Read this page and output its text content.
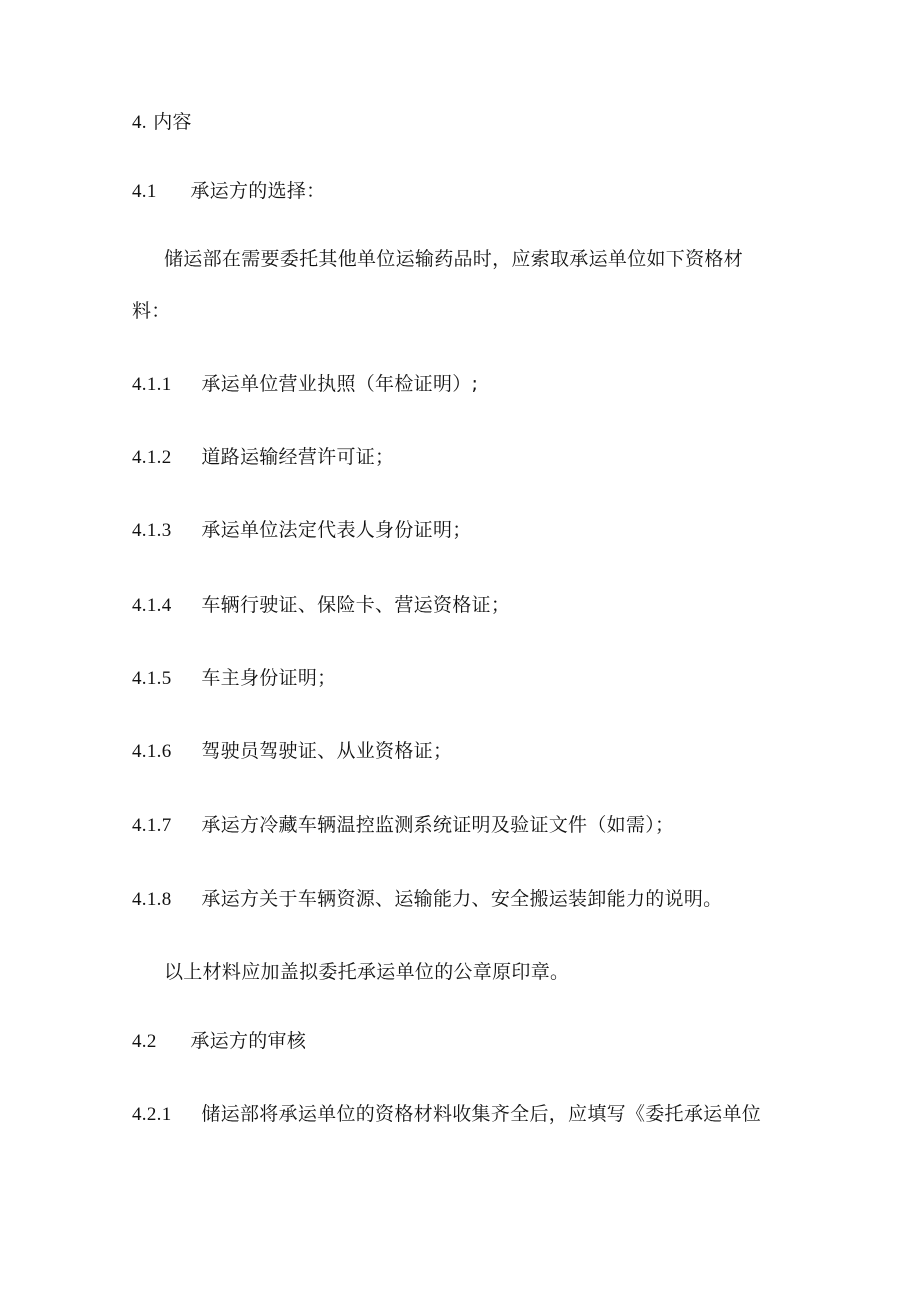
4. 内容
4.1 承运方的选择：
储运部在需要委托其他单位运输药品时，应索取承运单位如下资格材
料：
4.1.1 承运单位营业执照（年检证明）;
4.1.2 道路运输经营许可证；
4.1.3 承运单位法定代表人身份证明；
4.1.4 车辆行驶证、保险卡、营运资格证；
4.1.5 车主身份证明；
4.1.6 驾驶员驾驶证、从业资格证；
4.1.7 承运方冷藏车辆温控监测系统证明及验证文件（如需）；
4.1.8 承运方关于车辆资源、运输能力、安全搬运装卸能力的说明。
以上材料应加盖拟委托承运单位的公章原印章。
4.2 承运方的审核
4.2.1 储运部将承运单位的资格材料收集齐全后，应填写《委托承运单位
